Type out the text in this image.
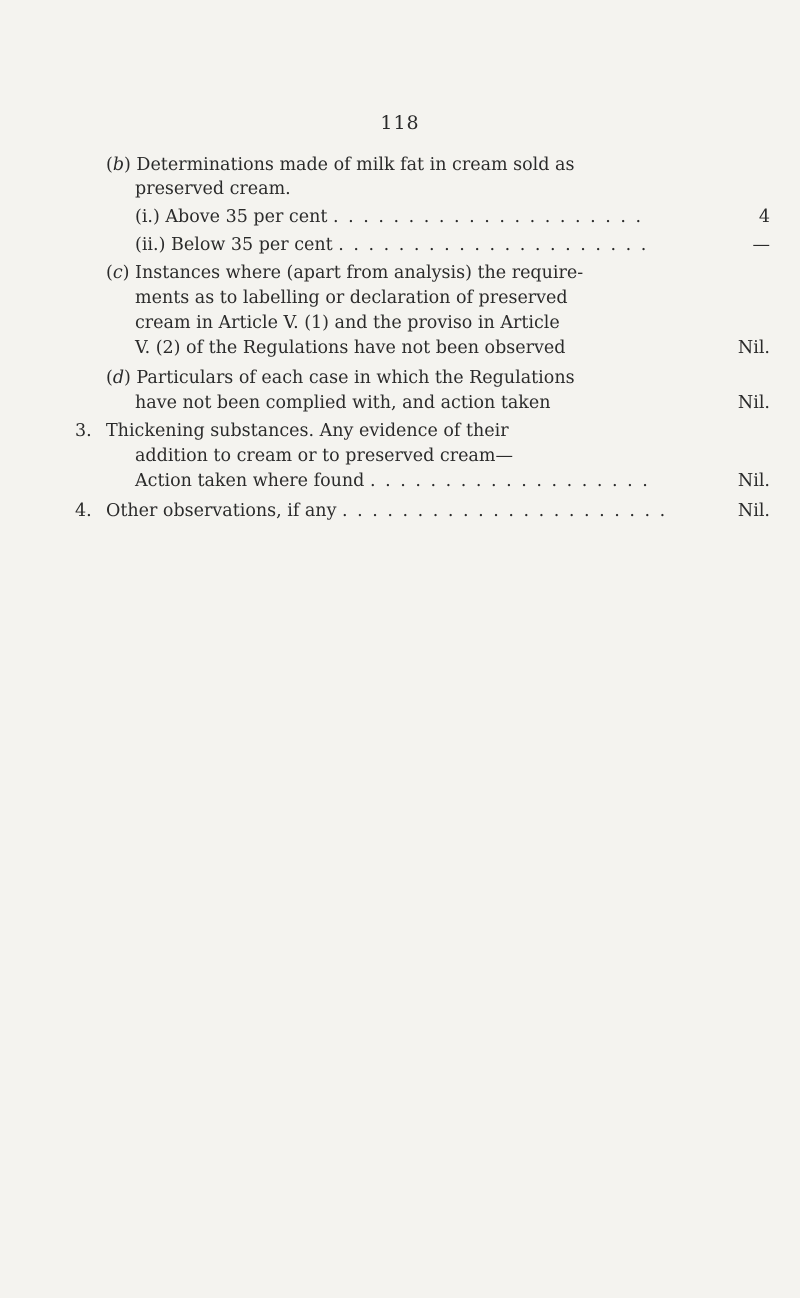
118
(b) Determinations made of milk fat in cream sold as
preserved cream.
(i.) Above 35 per cent . . . . . . . . . . . . . . . . . . . . .	4
(ii.) Below 35 per cent . . . . . . . . . . . . . . . . . . . . .	—
(c) Instances where (apart from analysis) the require-
ments as to labelling or declaration of preserved
cream in Article V. (1) and the proviso in Article
V. (2) of the Regulations have not been observed	Nil.
(d) Particulars of each case in which the Regulations
have not been complied with, and action taken	Nil.
3. Thickening substances. Any evidence of their
addition to cream or to preserved cream—
Action taken where found . . . . . . . . . . . . . . . . . . .	Nil.
4. Other observations, if any . . . . . . . . . . . . . . . . . . . . . .	Nil.
